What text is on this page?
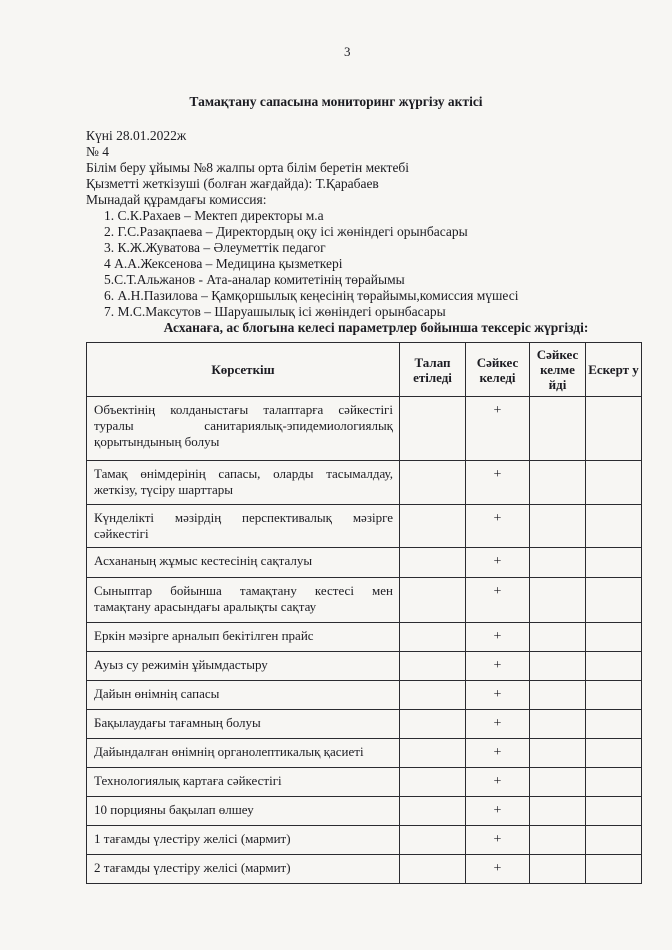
3
Тамақтану сапасына мониторинг жүргізу актісі
Күні 28.01.2022ж
№ 4
Білім беру ұйымы №8 жалпы орта білім беретін мектебі
Қызметті жеткізуші (болған жағдайда): Т.Қарабаев
Мынадай құрамдағы комиссия:
1. С.К.Рахаев – Мектеп директоры м.а
2. Г.С.Разақпаева – Директордың оқу ісі жөніндегі орынбасары
3. К.Ж.Жуватова – Әлеуметтік педагог
4 А.А.Жексенова – Медицина қызметкері
5.С.Т.Альжанов - Ата-аналар комитетінің төрайымы
6. А.Н.Пазилова – Қамқоршылық кеңесінің төрайымы,комиссия мүшесі
7. М.С.Максутов – Шаруашылық ісі жөніндегі орынбасары
Асханаға, ас блогына келесі параметрлер бойынша тексеріс жүргізді:
Көрсеткіш	Талап етіледі	Сәйкес келеді	Сәйкес келме йді	Ескерт у
Объектінің колданыстағы талаптарға сәйкестігі туралы санитариялық-эпидемиологиялық қорытындының болуы		+		
Тамақ өнімдерінің сапасы, оларды тасымалдау, жеткізу, түсіру шарттары		+		
Күнделікті мәзірдің перспективалық мәзірге сәйкестігі		+		
Асхананың жұмыс кестесінің сақталуы		+		
Сыныптар бойынша тамақтану кестесі мен тамақтану арасындағы аралықты сақтау		+		
Еркін мәзірге арналып бекітілген прайс		+		
Ауыз су режимін ұйымдастыру		+		
Дайын өнімнің сапасы		+		
Бақылаудағы тағамның болуы		+		
Дайындалған өнімнің органолептикалық қасиеті		+		
Технологиялық картаға сәйкестігі		+		
10 порцияны бақылап өлшеу		+		
1 тағамды үлестіру желісі (мармит)		+		
2 тағамды үлестіру желісі (мармит)		+		
